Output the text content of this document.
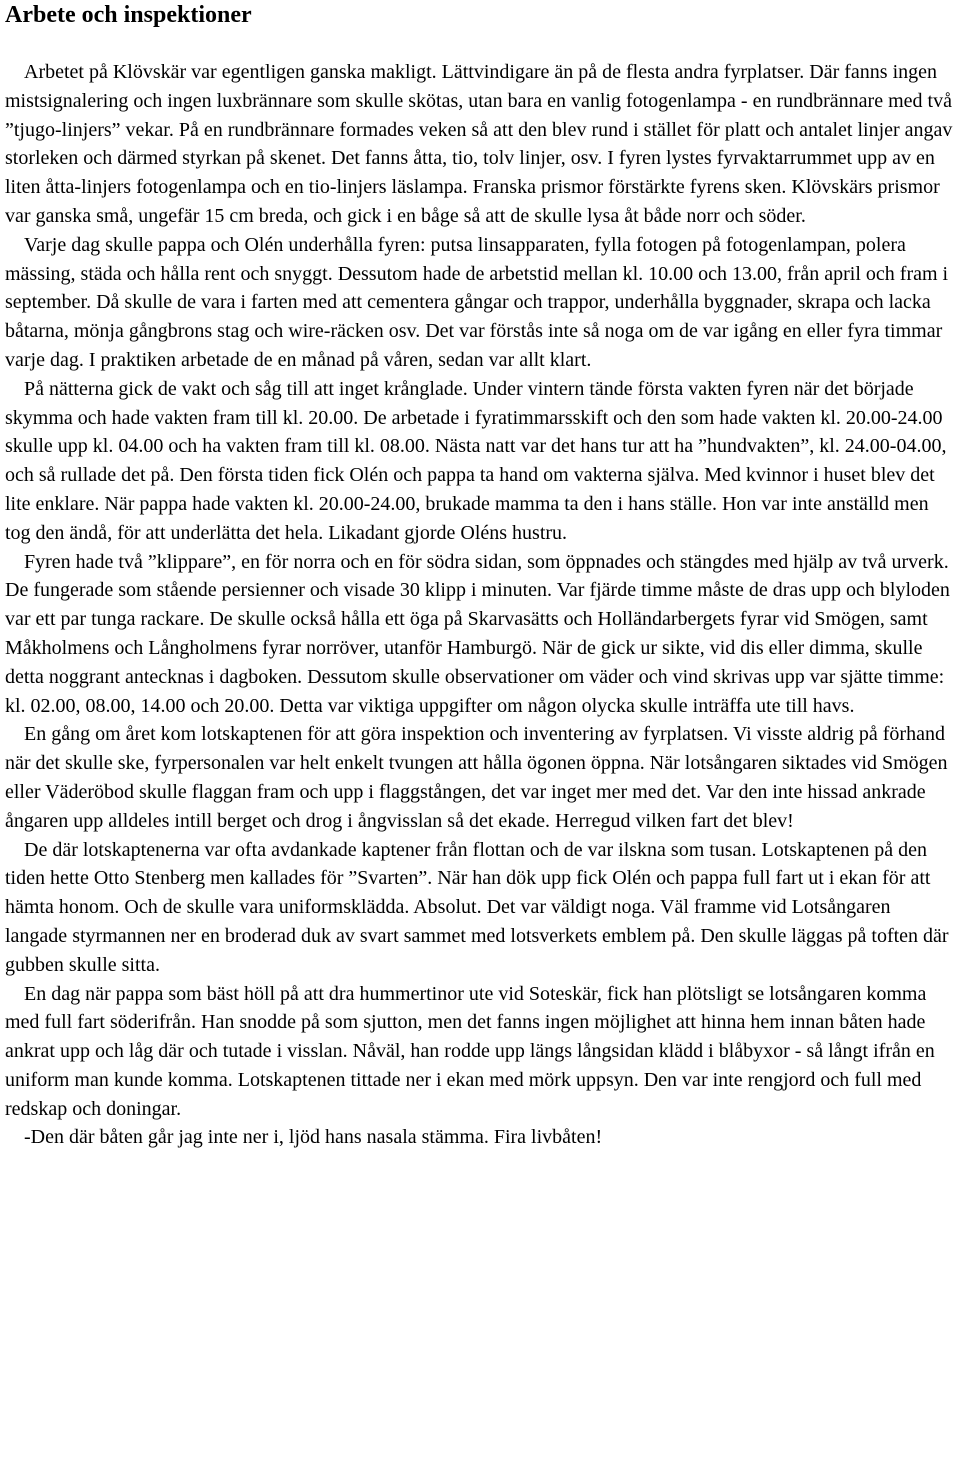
Arbete och inspektioner

Arbetet på Klövskär var egentligen ganska makligt. Lättvindigare än på de flesta andra fyrplatser. Där fanns ingen mistsignalering och ingen luxbrännare som skulle skötas, utan bara en vanlig fotogenlampa - en rundbrännare med två ”tjugo-linjers” vekar. På en rundbrännare formades veken så att den blev rund i stället för platt och antalet linjer angav storleken och därmed styrkan på skenet. Det fanns åtta, tio, tolv linjer, osv. I fyren lystes fyrvaktarrummet upp av en liten åtta-linjers fotogenlampa och en tio-linjers läslampa. Franska prismor förstärkte fyrens sken. Klövskärs prismor var ganska små, ungefär 15 cm breda, och gick i en båge så att de skulle lysa åt både norr och söder.

Varje dag skulle pappa och Olén underhålla fyren: putsa linsapparaten, fylla fotogen på fotogenlampan, polera mässing, städa och hålla rent och snyggt. Dessutom hade de arbetstid mellan kl. 10.00 och 13.00, från april och fram i september. Då skulle de vara i farten med att cementera gångar och trappor, underhålla byggnader, skrapa och lacka båtarna, mönja gångbrons stag och wire-räcken osv. Det var förstås inte så noga om de var igång en eller fyra timmar varje dag. I praktiken arbetade de en månad på våren, sedan var allt klart.

På nätterna gick de vakt och såg till att inget krånglade. Under vintern tände första vakten fyren när det började skymma och hade vakten fram till kl. 20.00. De arbetade i fyratimmarsskift och den som hade vakten kl. 20.00-24.00 skulle upp kl. 04.00 och ha vakten fram till kl. 08.00. Nästa natt var det hans tur att ha ”hundvakten”, kl. 24.00-04.00, och så rullade det på. Den första tiden fick Olén och pappa ta hand om vakterna själva. Med kvinnor i huset blev det lite enklare. När pappa hade vakten kl. 20.00-24.00, brukade mamma ta den i hans ställe. Hon var inte anställd men tog den ändå, för att underlätta det hela. Likadant gjorde Oléns hustru.

Fyren hade två ”klippare”, en för norra och en för södra sidan, som öppnades och stängdes med hjälp av två urverk. De fungerade som stående persienner och visade 30 klipp i minuten. Var fjärde timme måste de dras upp och blyloden var ett par tunga rackare. De skulle också hålla ett öga på Skarvasätts och Holländarbergets fyrar vid Smögen, samt Måkholmens och Långholmens fyrar norröver, utanför Hamburgö. När de gick ur sikte, vid dis eller dimma, skulle detta noggrant antecknas i dagboken. Dessutom skulle observationer om väder och vind skrivas upp var sjätte timme: kl. 02.00, 08.00, 14.00 och 20.00. Detta var viktiga uppgifter om någon olycka skulle inträffa ute till havs.

En gång om året kom lotskaptenen för att göra inspektion och inventering av fyrplatsen. Vi visste aldrig på förhand när det skulle ske, fyrpersonalen var helt enkelt tvungen att hålla ögonen öppna. När lotsångaren siktades vid Smögen eller Väderöbod skulle flaggan fram och upp i flaggstången, det var inget mer med det. Var den inte hissad ankrade ångaren upp alldeles intill berget och drog i ångvisslan så det ekade. Herregud vilken fart det blev!

De där lotskaptenerna var ofta avdankade kaptener från flottan och de var ilskna som tusan. Lotskaptenen på den tiden hette Otto Stenberg men kallades för ”Svarten”. När han dök upp fick Olén och pappa full fart ut i ekan för att hämta honom. Och de skulle vara uniformsklädda. Absolut. Det var väldigt noga. Väl framme vid Lotsångaren langade styrmannen ner en broderad duk av svart sammet med lotsverkets emblem på. Den skulle läggas på toften där gubben skulle sitta.

En dag när pappa som bäst höll på att dra hummertinor ute vid Soteskär, fick han plötsligt se lotsångaren komma med full fart söderifrån. Han snodde på som sjutton, men det fanns ingen möjlighet att hinna hem innan båten hade ankrat upp och låg där och tutade i visslan. Nåväl, han rodde upp längs långsidan klädd i blåbyxor - så långt ifrån en uniform man kunde komma. Lotskaptenen tittade ner i ekan med mörk uppsyn. Den var inte rengjord och full med redskap och doningar.

-Den där båten går jag inte ner i, ljöd hans nasala stämma. Fira livbåten!
